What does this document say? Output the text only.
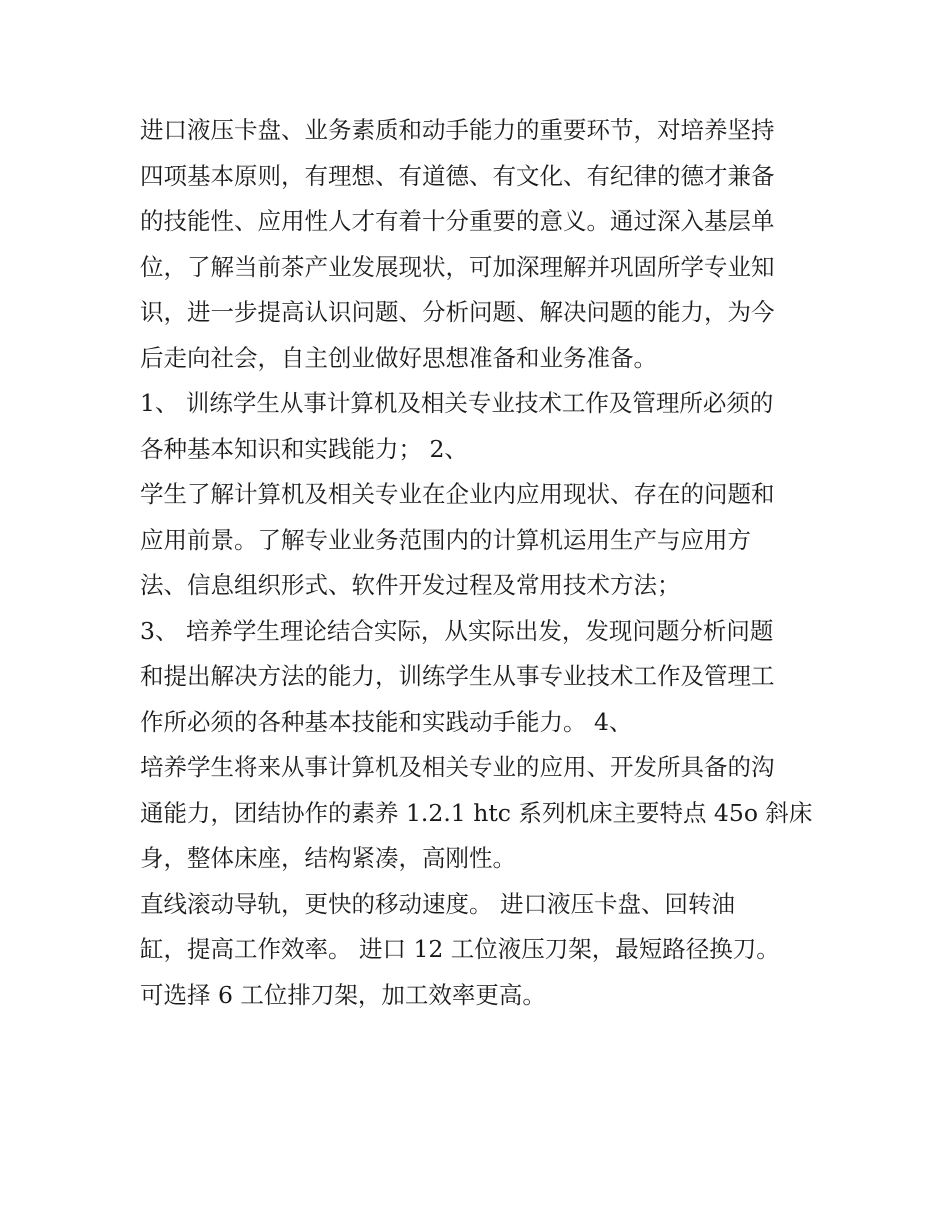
进口液压卡盘、业务素质和动手能力的重要环节，对培养坚持
四项基本原则，有理想、有道德、有文化、有纪律的德才兼备
的技能性、应用性人才有着十分重要的意义。通过深入基层单
位，了解当前茶产业发展现状，可加深理解并巩固所学专业知
识，进一步提高认识问题、分析问题、解决问题的能力，为今
后走向社会，自主创业做好思想准备和业务准备。
1、 训练学生从事计算机及相关专业技术工作及管理所必须的
各种基本知识和实践能力； 2、
学生了解计算机及相关专业在企业内应用现状、存在的问题和
应用前景。了解专业业务范围内的计算机运用生产与应用方
法、信息组织形式、软件开发过程及常用技术方法；
3、 培养学生理论结合实际，从实际出发，发现问题分析问题
和提出解决方法的能力，训练学生从事专业技术工作及管理工
作所必须的各种基本技能和实践动手能力。 4、
培养学生将来从事计算机及相关专业的应用、开发所具备的沟
通能力，团结协作的素养 1.2.1 htc 系列机床主要特点 45o 斜床
身，整体床座，结构紧凑，高刚性。
直线滚动导轨，更快的移动速度。 进口液压卡盘、回转油
缸，提高工作效率。 进口 12 工位液压刀架，最短路径换刀。
可选择 6 工位排刀架，加工效率更高。
